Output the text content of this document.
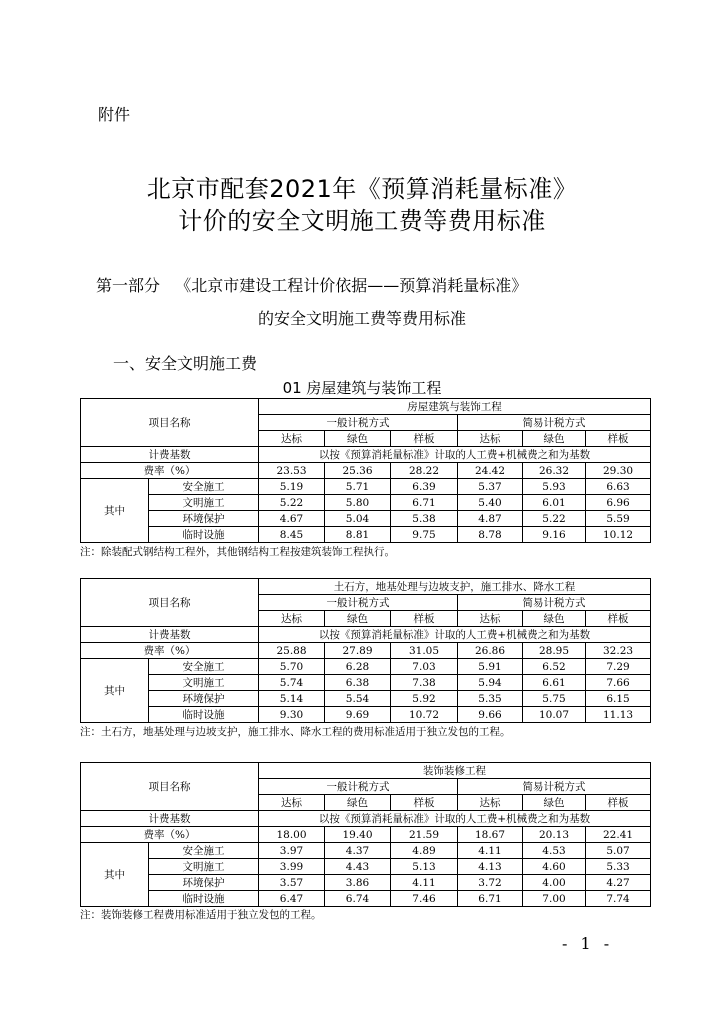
附件
北京市配套2021年《预算消耗量标准》
计价的安全文明施工费等费用标准
第一部分   《北京市建设工程计价依据——预算消耗量标准》
的安全文明施工费等费用标准
一、安全文明施工费
01 房屋建筑与装饰工程
项目名称		房屋建筑与装饰工程					
		一般计税方式			简易计税方式		
		达标	绿色	样板	达标	绿色	样板
计费基数		以按《预算消耗量标准》计取的人工费+机械费之和为基数					
费率（%）		23.53	25.36	28.22	24.42	26.32	29.30
其中	安全施工	5.19	5.71	6.39	5.37	5.93	6.63
	文明施工	5.22	5.80	6.71	5.40	6.01	6.96
	环境保护	4.67	5.04	5.38	4.87	5.22	5.59
	临时设施	8.45	8.81	9.75	8.78	9.16	10.12
注：除装配式钢结构工程外，其他钢结构工程按建筑装饰工程执行。
项目名称		土石方，地基处理与边坡支护，施工排水、降水工程					
		一般计税方式			简易计税方式		
		达标	绿色	样板	达标	绿色	样板
计费基数		以按《预算消耗量标准》计取的人工费+机械费之和为基数					
费率（%）		25.88	27.89	31.05	26.86	28.95	32.23
其中	安全施工	5.70	6.28	7.03	5.91	6.52	7.29
	文明施工	5.74	6.38	7.38	5.94	6.61	7.66
	环境保护	5.14	5.54	5.92	5.35	5.75	6.15
	临时设施	9.30	9.69	10.72	9.66	10.07	11.13
注：土石方，地基处理与边坡支护，施工排水、降水工程的费用标准适用于独立发包的工程。
项目名称		装饰装修工程					
		一般计税方式			简易计税方式		
		达标	绿色	样板	达标	绿色	样板
计费基数		以按《预算消耗量标准》计取的人工费+机械费之和为基数					
费率（%）		18.00	19.40	21.59	18.67	20.13	22.41
其中	安全施工	3.97	4.37	4.89	4.11	4.53	5.07
	文明施工	3.99	4.43	5.13	4.13	4.60	5.33
	环境保护	3.57	3.86	4.11	3.72	4.00	4.27
	临时设施	6.47	6.74	7.46	6.71	7.00	7.74
注：装饰装修工程费用标准适用于独立发包的工程。
- 1 -
